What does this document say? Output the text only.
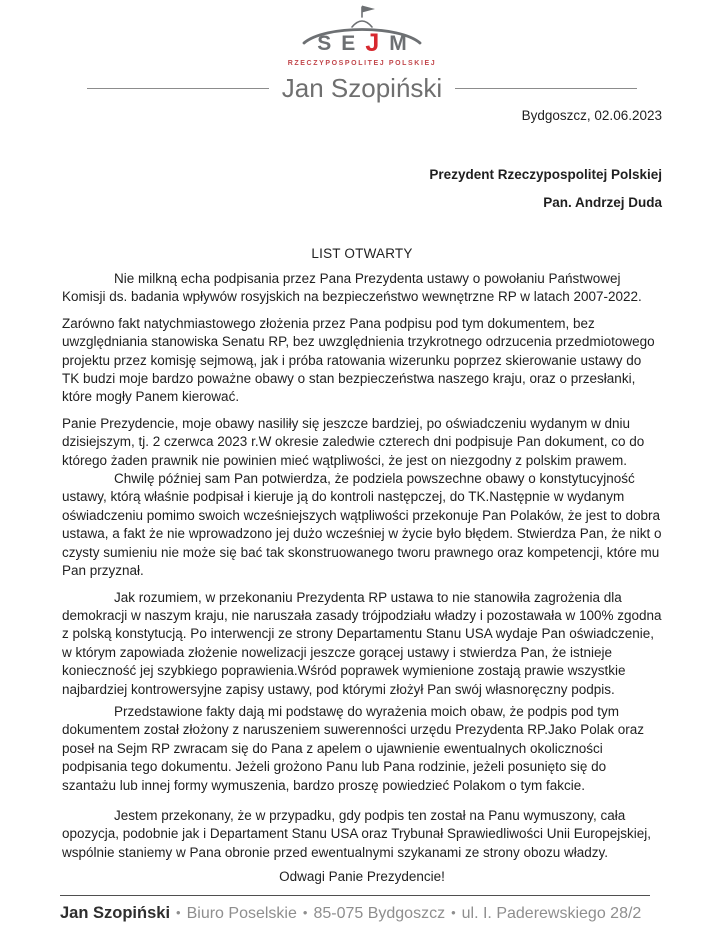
S E J M
RZECZYPOSPOLITEJ POLSKIEJ
Jan Szopiński
Bydgoszcz, 02.06.2023
Prezydent Rzeczypospolitej Polskiej
Pan. Andrzej Duda
LIST OTWARTY

Nie milkną echa podpisania przez Pana Prezydenta ustawy o powołaniu Państwowej Komisji ds. badania wpływów rosyjskich na bezpieczeństwo wewnętrzne RP w latach 2007-2022.

Zarówno fakt natychmiastowego złożenia przez Pana podpisu pod tym dokumentem, bez uwzględniania stanowiska Senatu RP, bez uwzględnienia trzykrotnego odrzucenia przedmiotowego projektu przez komisję sejmową, jak i próba ratowania wizerunku poprzez skierowanie ustawy do TK budzi moje bardzo poważne obawy o stan bezpieczeństwa naszego kraju, oraz o przesłanki, które mogły Panem kierować.

Panie Prezydencie, moje obawy nasiliły się jeszcze bardziej, po oświadczeniu wydanym w dniu dzisiejszym, tj. 2 czerwca 2023 r.W okresie zaledwie czterech dni podpisuje Pan dokument, co do którego żaden prawnik nie powinien mieć wątpliwości, że jest on niezgodny z polskim prawem.

Chwilę później sam Pan potwierdza, że podziela powszechne obawy o konstytucyjność ustawy, którą właśnie podpisał i kieruje ją do kontroli następczej, do TK.Następnie w wydanym oświadczeniu pomimo swoich wcześniejszych wątpliwości przekonuje Pan Polaków, że jest to dobra ustawa, a fakt że nie wprowadzono jej dużo wcześniej w życie było błędem. Stwierdza Pan, że nikt o czysty sumieniu nie może się bać tak skonstruowanego tworu prawnego oraz kompetencji, które mu Pan przyznał.

Jak rozumiem, w przekonaniu Prezydenta RP ustawa to nie stanowiła zagrożenia dla demokracji w naszym kraju, nie naruszała zasady trójpodziału władzy i pozostawała w 100% zgodna z polską konstytucją. Po interwencji ze strony Departamentu Stanu USA wydaje Pan oświadczenie, w którym zapowiada złożenie nowelizacji jeszcze gorącej ustawy i stwierdza Pan, że istnieje konieczność jej szybkiego poprawienia.Wśród poprawek wymienione zostają prawie wszystkie najbardziej kontrowersyjne zapisy ustawy, pod którymi złożył Pan swój własnoręczny podpis.

Przedstawione fakty dają mi podstawę do wyrażenia moich obaw, że podpis pod tym dokumentem został złożony z naruszeniem suwerenności urzędu Prezydenta RP.Jako Polak oraz poseł na Sejm RP zwracam się do Pana z apelem o ujawnienie ewentualnych okoliczności podpisania tego dokumentu. Jeżeli grożono Panu lub Pana rodzinie, jeżeli posunięto się do szantażu lub innej formy wymuszenia, bardzo proszę powiedzieć Polakom o tym fakcie.

Jestem przekonany, że w przypadku, gdy podpis ten został na Panu wymuszony, cała opozycja, podobnie jak i Departament Stanu USA oraz Trybunał Sprawiedliwości Unii Europejskiej, wspólnie staniemy w Pana obronie przed ewentualnymi szykanami ze strony obozu władzy.

Odwagi Panie Prezydencie!
Jan Szopiński • Biuro Poselskie • 85-075 Bydgoszcz • ul. I. Paderewskiego 28/2
